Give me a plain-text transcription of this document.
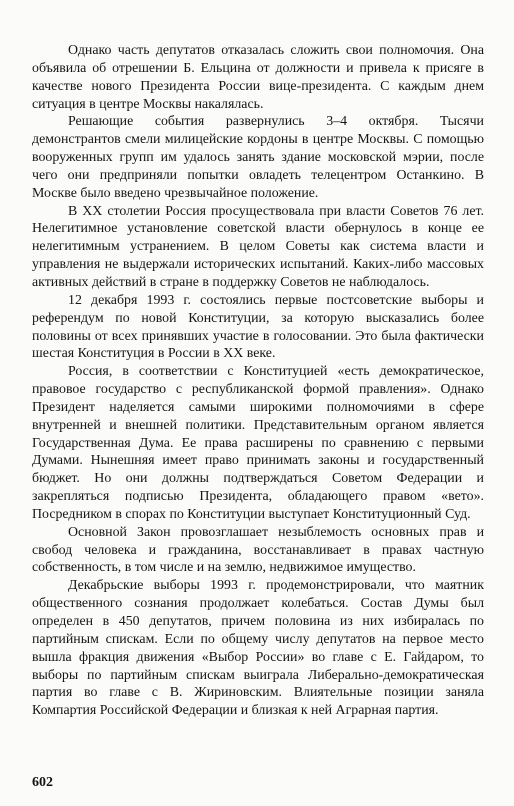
Однако часть депутатов отказалась сложить свои полномочия. Она объявила об отрешении Б. Ельцина от должности и привела к присяге в качестве нового Президента России вице-президента. С каждым днем ситуация в центре Москвы накалялась.

Решающие события развернулись 3–4 октября. Тысячи демонстрантов смели милицейские кордоны в центре Москвы. С помощью вооруженных групп им удалось занять здание московской мэрии, после чего они предприняли попытки овладеть телецентром Останкино. В Москве было введено чрезвычайное положение.

В XX столетии Россия просуществовала при власти Советов 76 лет. Нелегитимное установление советской власти обернулось в конце ее нелегитимным устранением. В целом Советы как система власти и управления не выдержали исторических испытаний. Каких-либо массовых активных действий в стране в поддержку Советов не наблюдалось.

12 декабря 1993 г. состоялись первые постсоветские выборы и референдум по новой Конституции, за которую высказались более половины от всех принявших участие в голосовании. Это была фактически шестая Конституция в России в XX веке.

Россия, в соответствии с Конституцией «есть демократическое, правовое государство с республиканской формой правления». Однако Президент наделяется самыми широкими полномочиями в сфере внутренней и внешней политики. Представительным органом является Государственная Дума. Ее права расширены по сравнению с первыми Думами. Нынешняя имеет право принимать законы и государственный бюджет. Но они должны подтверждаться Советом Федерации и закрепляться подписью Президента, обладающего правом «вето». Посредником в спорах по Конституции выступает Конституционный Суд.

Основной Закон провозглашает незыблемость основных прав и свобод человека и гражданина, восстанавливает в правах частную собственность, в том числе и на землю, недвижимое имущество.

Декабрьские выборы 1993 г. продемонстрировали, что маятник общественного сознания продолжает колебаться. Состав Думы был определен в 450 депутатов, причем половина из них избиралась по партийным спискам. Если по общему числу депутатов на первое место вышла фракция движения «Выбор России» во главе с Е. Гайдаром, то выборы по партийным спискам выиграла Либерально-демократическая партия во главе с В. Жириновским. Влиятельные позиции заняла Компартия Российской Федерации и близкая к ней Аграрная партия.

602
